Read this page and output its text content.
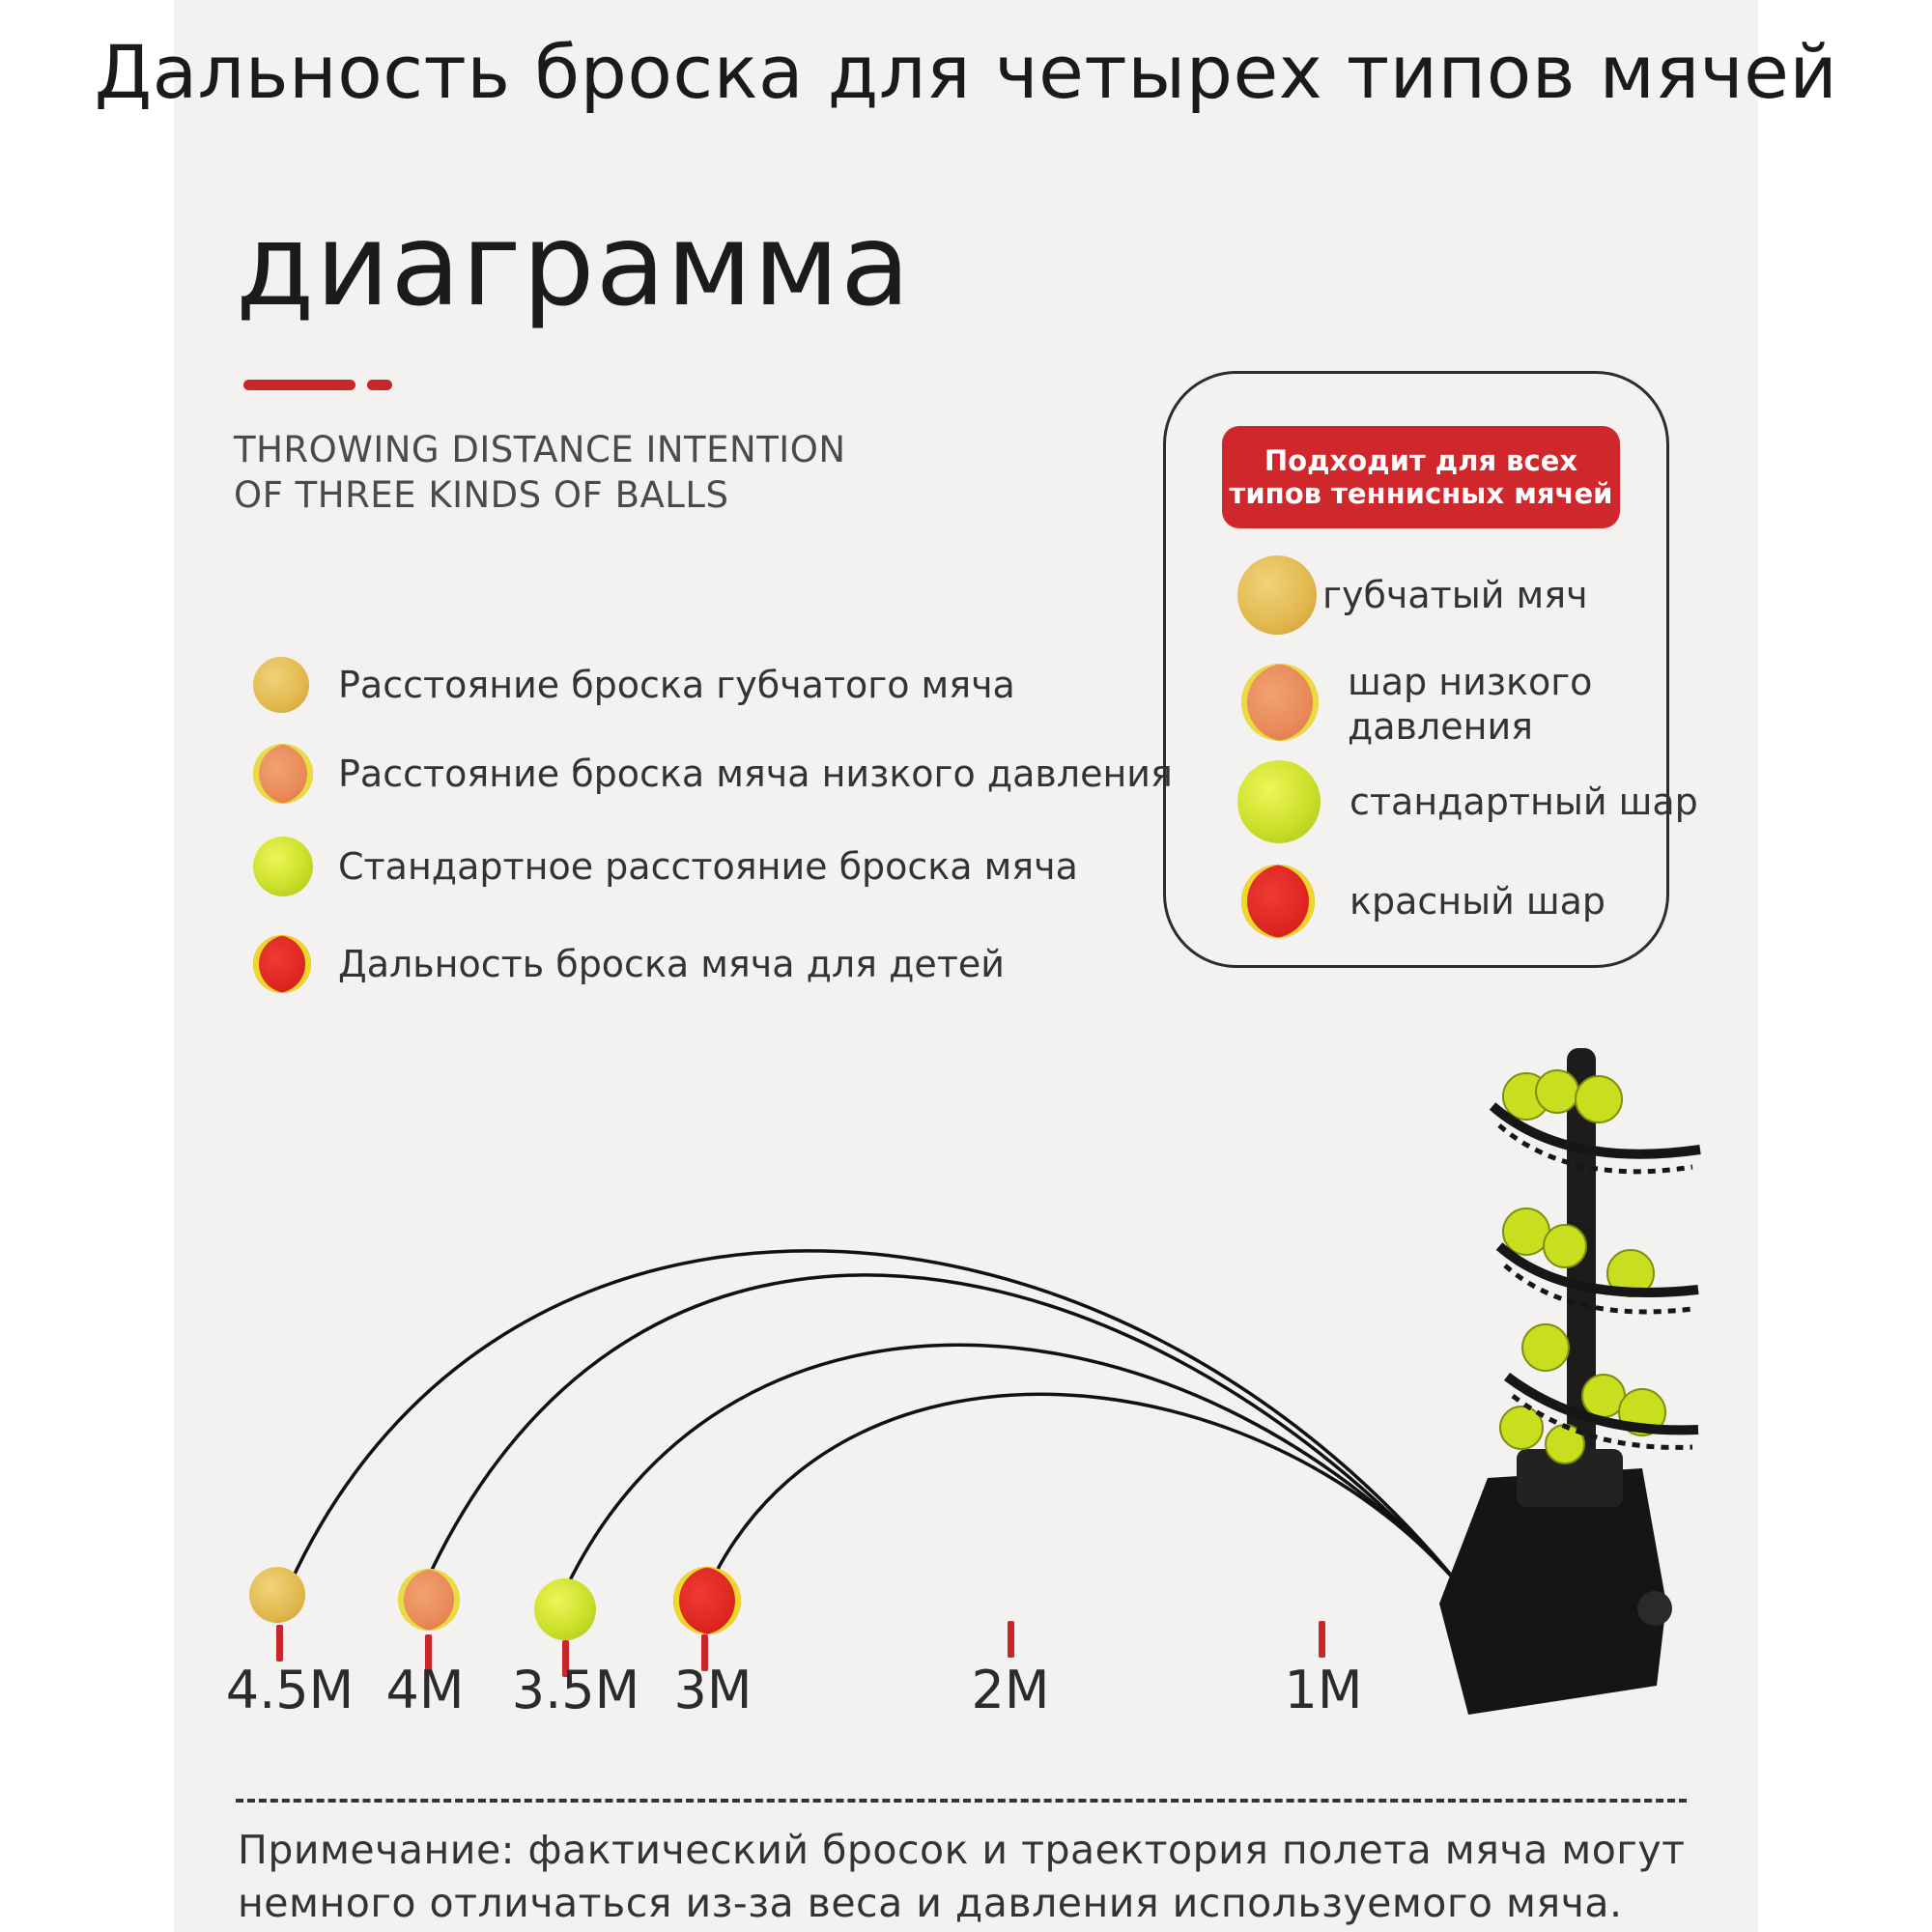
Дальность броска для четырех типов мячей
диаграмма
THROWING DISTANCE INTENTION
OF THREE KINDS OF BALLS
Расстояние броска губчатого мяча
Расстояние броска мяча низкого давления
Стандартное расстояние броска мяча
Дальность броска мяча для детей
Подходит для всех
типов теннисных мячей
губчатый мяч
шар низкого давления
стандартный шар
красный шар
4.5M 4M 3.5M 3M	2M	1M
Примечание: фактический бросок и траектория полета мяча могут
немного отличаться из-за веса и давления используемого мяча.
